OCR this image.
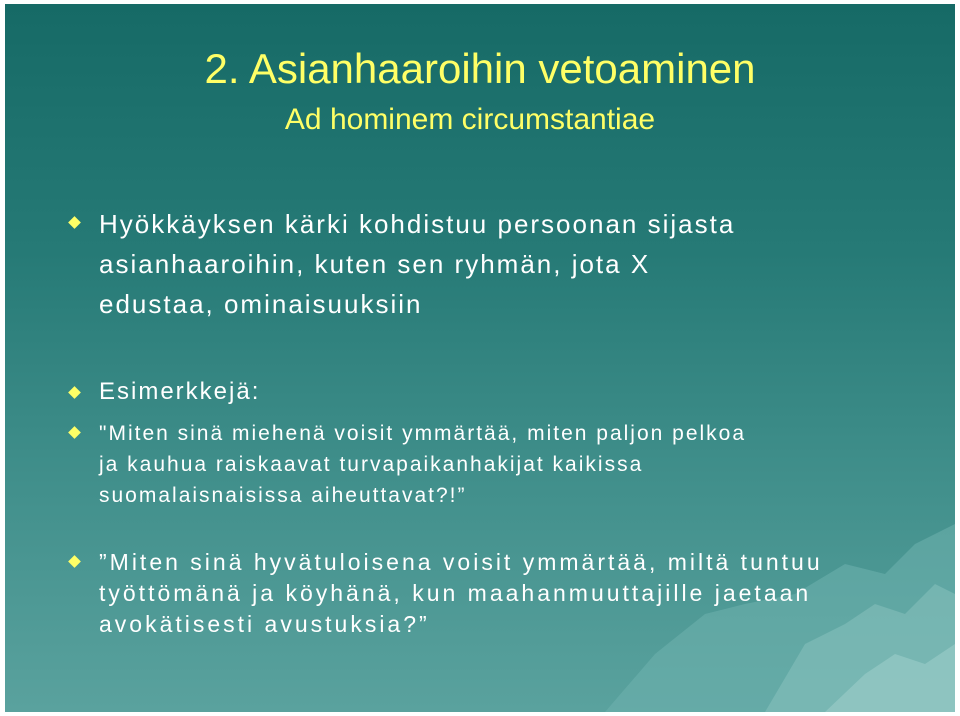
2. Asianhaaroihin vetoaminen
Ad hominem circumstantiae
Hyökkäyksen kärki kohdistuu persoonan sijasta
asianhaaroihin, kuten sen ryhmän, jota X
edustaa, ominaisuuksiin
Esimerkkejä:
"Miten sinä miehenä voisit ymmärtää, miten paljon pelkoa
ja kauhua raiskaavat turvapaikanhakijat kaikissa
suomalaisnaisissa aiheuttavat?!”
”Miten sinä hyvätuloisena voisit ymmärtää, miltä tuntuu
työttömänä ja köyhänä, kun maahanmuuttajille jaetaan
avokätisesti avustuksia?”
